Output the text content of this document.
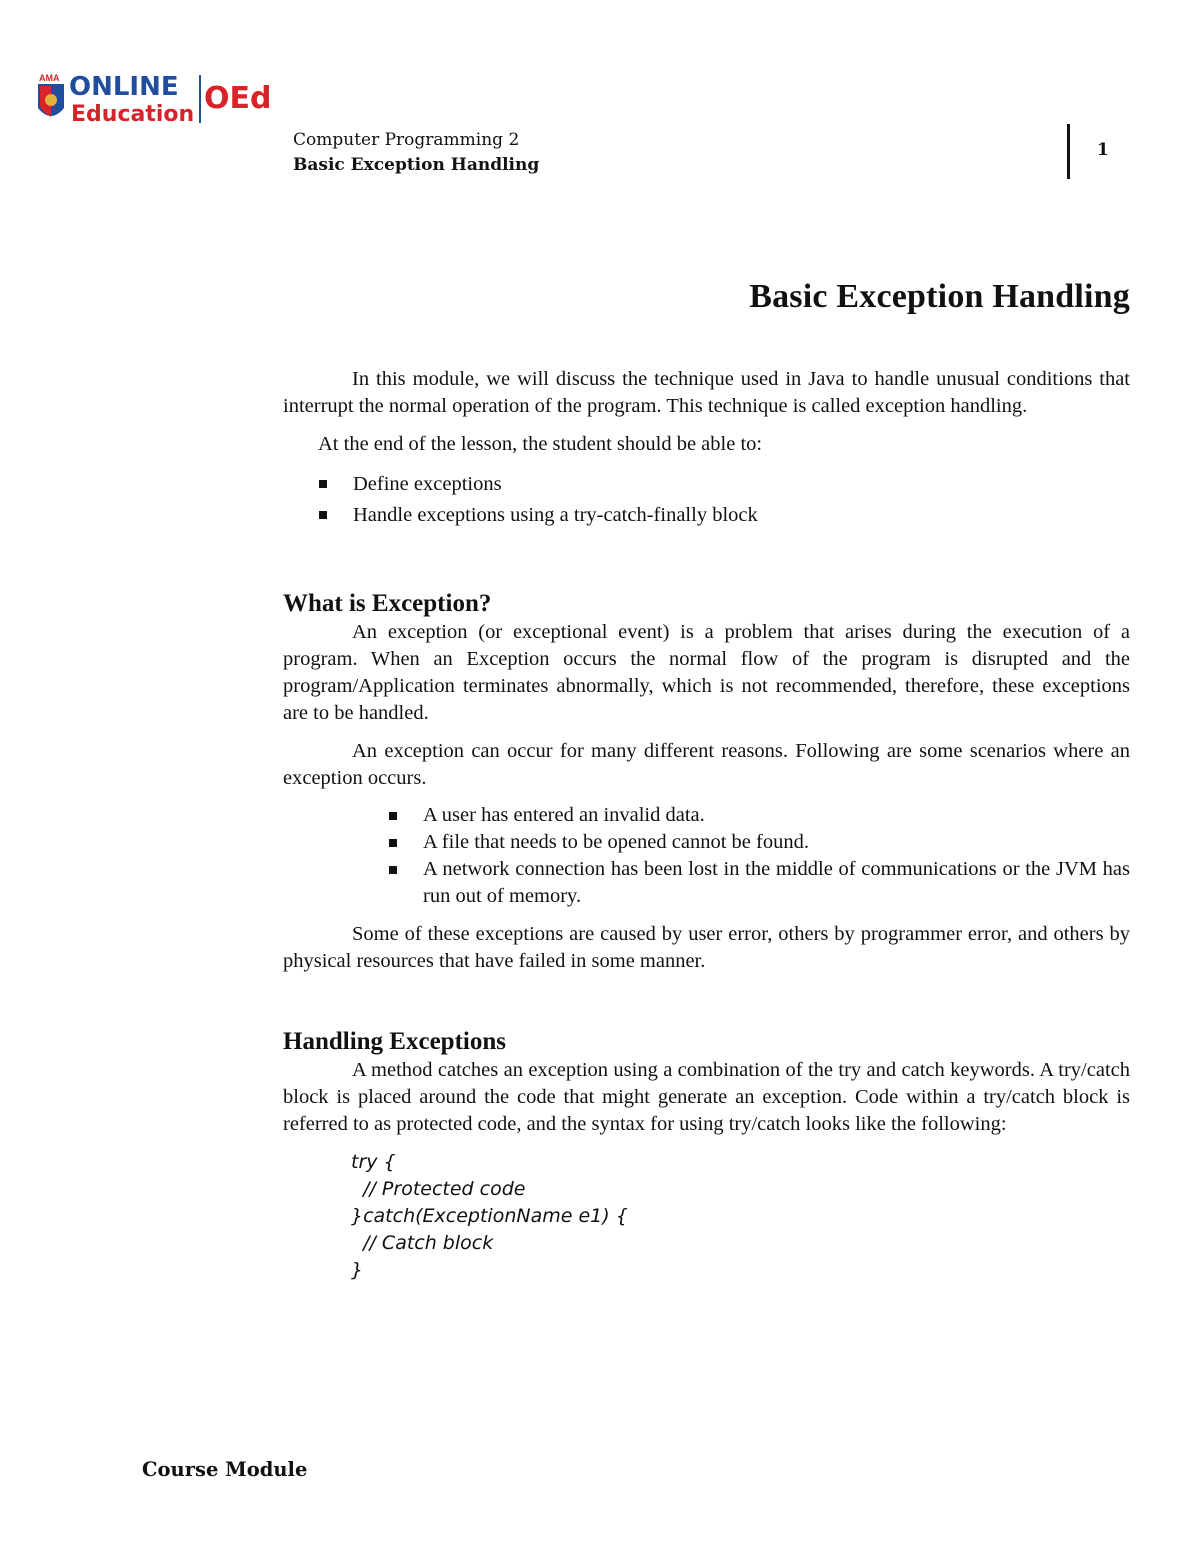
AMA ONLINE
Education OEd
Computer Programming 2
Basic Exception Handling
1
Basic Exception Handling

In this module, we will discuss the technique used in Java to handle unusual conditions that interrupt the normal operation of the program. This technique is called exception handling.

At the end of the lesson, the student should be able to:

Define exceptions
Handle exceptions using a try-catch-finally block
What is Exception?

An exception (or exceptional event) is a problem that arises during the execution of a program. When an Exception occurs the normal flow of the program is disrupted and the program/Application terminates abnormally, which is not recommended, therefore, these exceptions are to be handled.

An exception can occur for many different reasons. Following are some scenarios where an exception occurs.

A user has entered an invalid data.
A file that needs to be opened cannot be found.
A network connection has been lost in the middle of communications or the JVM has run out of memory.

Some of these exceptions are caused by user error, others by programmer error, and others by physical resources that have failed in some manner.

Handling Exceptions

A method catches an exception using a combination of the try and catch keywords. A try/catch block is placed around the code that might generate an exception. Code within a try/catch block is referred to as protected code, and the syntax for using try/catch looks like the following:

try {
// Protected code
}catch(ExceptionName e1) {
// Catch block
}
Course Module
